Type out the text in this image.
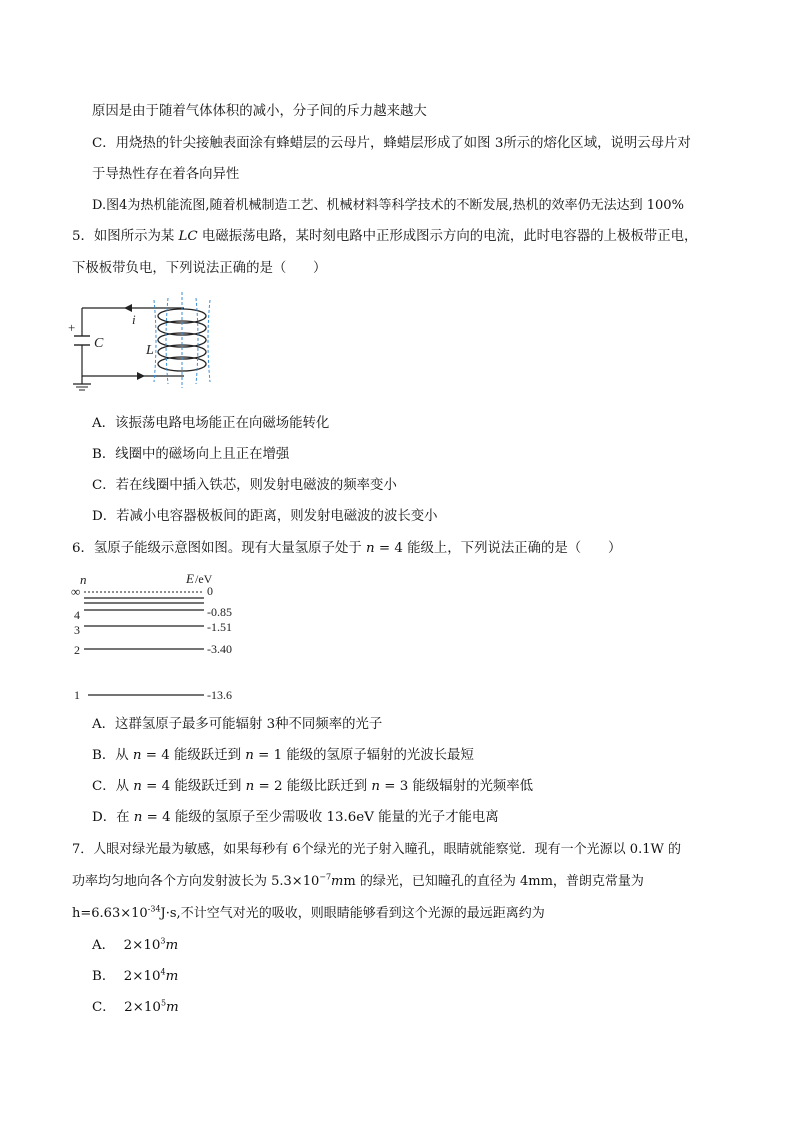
原因是由于随着气体体积的减小，分子间的斥力越来越大
C．用烧热的针尖接触表面涂有蜂蜡层的云母片，蜂蜡层形成了如图 3所示的熔化区域，说明云母片对
于导热性存在着各向异性
D.图4为热机能流图,随着机械制造工艺、机械材料等科学技术的不断发展,热机的效率仍无法达到 100%
5．如图所示为某 LC 电磁振荡电路，某时刻电路中正形成图示方向的电流，此时电容器的上极板带正电，
下极板带负电，下列说法正确的是（　　）
+
C	L
i
A．该振荡电路电场能正在向磁场能转化
B．线圈中的磁场向上且正在增强
C．若在线圈中插入铁芯，则发射电磁波的频率变小
D．若减小电容器极板间的距离，则发射电磁波的波长变小
6．氢原子能级示意图如图。现有大量氢原子处于 n = 4 能级上，下列说法正确的是（　　）
n	E /eV
∞	0
4	-0.85
3	-1.51
2	-3.40
1	-13.6
A．这群氢原子最多可能辐射 3种不同频率的光子
B．从 n = 4 能级跃迁到 n = 1 能级的氢原子辐射的光波长最短
C．从 n = 4 能级跃迁到 n = 2 能级比跃迁到 n = 3 能级辐射的光频率低
D．在 n = 4 能级的氢原子至少需吸收 13.6eV 能量的光子才能电离
7．人眼对绿光最为敏感，如果每秒有 6个绿光的光子射入瞳孔，眼睛就能察觉．现有一个光源以 0.1W 的
功率均匀地向各个方向发射波长为 $5.3\times 10^{-7}mm$ 的绿光，已知瞳孔的直径为 4mm，普朗克常量为
$h=6.63\times 10^{-34}J\cdot s$,不计空气对光的吸收，则眼睛能够看到这个光源的最远距离约为
A．  $2\times 10^3m$
B．  $2\times 10^4m$
C．  $2\times 10^5m$
